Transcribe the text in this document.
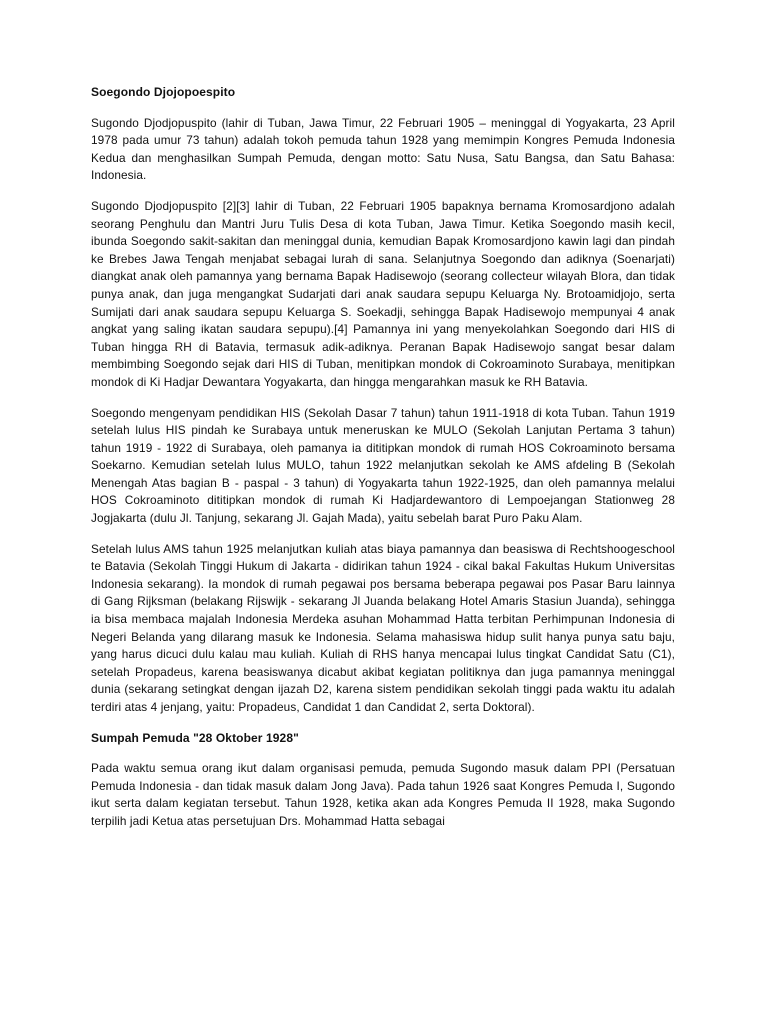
Soegondo Djojopoespito
Sugondo Djodjopuspito (lahir di Tuban, Jawa Timur, 22 Februari 1905 – meninggal di Yogyakarta, 23 April 1978 pada umur 73 tahun) adalah tokoh pemuda tahun 1928 yang memimpin Kongres Pemuda Indonesia Kedua dan menghasilkan Sumpah Pemuda, dengan motto: Satu Nusa, Satu Bangsa, dan Satu Bahasa: Indonesia.
Sugondo Djodjopuspito [2][3] lahir di Tuban, 22 Februari 1905 bapaknya bernama Kromosardjono adalah seorang Penghulu dan Mantri Juru Tulis Desa di kota Tuban, Jawa Timur. Ketika Soegondo masih kecil, ibunda Soegondo sakit-sakitan dan meninggal dunia, kemudian Bapak Kromosardjono kawin lagi dan pindah ke Brebes Jawa Tengah menjabat sebagai lurah di sana. Selanjutnya Soegondo dan adiknya (Soenarjati) diangkat anak oleh pamannya yang bernama Bapak Hadisewojo (seorang collecteur wilayah Blora, dan tidak punya anak, dan juga mengangkat Sudarjati dari anak saudara sepupu Keluarga Ny. Brotoamidjojo, serta Sumijati dari anak saudara sepupu Keluarga S. Soekadji, sehingga Bapak Hadisewojo mempunyai 4 anak angkat yang saling ikatan saudara sepupu).[4] Pamannya ini yang menyekolahkan Soegondo dari HIS di Tuban hingga RH di Batavia, termasuk adik-adiknya. Peranan Bapak Hadisewojo sangat besar dalam membimbing Soegondo sejak dari HIS di Tuban, menitipkan mondok di Cokroaminoto Surabaya, menitipkan mondok di Ki Hadjar Dewantara Yogyakarta, dan hingga mengarahkan masuk ke RH Batavia.
Soegondo mengenyam pendidikan HIS (Sekolah Dasar 7 tahun) tahun 1911-1918 di kota Tuban. Tahun 1919 setelah lulus HIS pindah ke Surabaya untuk meneruskan ke MULO (Sekolah Lanjutan Pertama 3 tahun) tahun 1919 - 1922 di Surabaya, oleh pamanya ia dititipkan mondok di rumah HOS Cokroaminoto bersama Soekarno. Kemudian setelah lulus MULO, tahun 1922 melanjutkan sekolah ke AMS afdeling B (Sekolah Menengah Atas bagian B - paspal - 3 tahun) di Yogyakarta tahun 1922-1925, dan oleh pamannya melalui HOS Cokroaminoto dititipkan mondok di rumah Ki Hadjardewantoro di Lempoejangan Stationweg 28 Jogjakarta (dulu Jl. Tanjung, sekarang Jl. Gajah Mada), yaitu sebelah barat Puro Paku Alam.
Setelah lulus AMS tahun 1925 melanjutkan kuliah atas biaya pamannya dan beasiswa di Rechtshoogeschool te Batavia (Sekolah Tinggi Hukum di Jakarta - didirikan tahun 1924 - cikal bakal Fakultas Hukum Universitas Indonesia sekarang). Ia mondok di rumah pegawai pos bersama beberapa pegawai pos Pasar Baru lainnya di Gang Rijksman (belakang Rijswijk - sekarang Jl Juanda belakang Hotel Amaris Stasiun Juanda), sehingga ia bisa membaca majalah Indonesia Merdeka asuhan Mohammad Hatta terbitan Perhimpunan Indonesia di Negeri Belanda yang dilarang masuk ke Indonesia. Selama mahasiswa hidup sulit hanya punya satu baju, yang harus dicuci dulu kalau mau kuliah. Kuliah di RHS hanya mencapai lulus tingkat Candidat Satu (C1), setelah Propadeus, karena beasiswanya dicabut akibat kegiatan politiknya dan juga pamannya meninggal dunia (sekarang setingkat dengan ijazah D2, karena sistem pendidikan sekolah tinggi pada waktu itu adalah terdiri atas 4 jenjang, yaitu: Propadeus, Candidat 1 dan Candidat 2, serta Doktoral).
Sumpah Pemuda "28 Oktober 1928"
Pada waktu semua orang ikut dalam organisasi pemuda, pemuda Sugondo masuk dalam PPI (Persatuan Pemuda Indonesia - dan tidak masuk dalam Jong Java). Pada tahun 1926 saat Kongres Pemuda I, Sugondo ikut serta dalam kegiatan tersebut. Tahun 1928, ketika akan ada Kongres Pemuda II 1928, maka Sugondo terpilih jadi Ketua atas persetujuan Drs. Mohammad Hatta sebagai
